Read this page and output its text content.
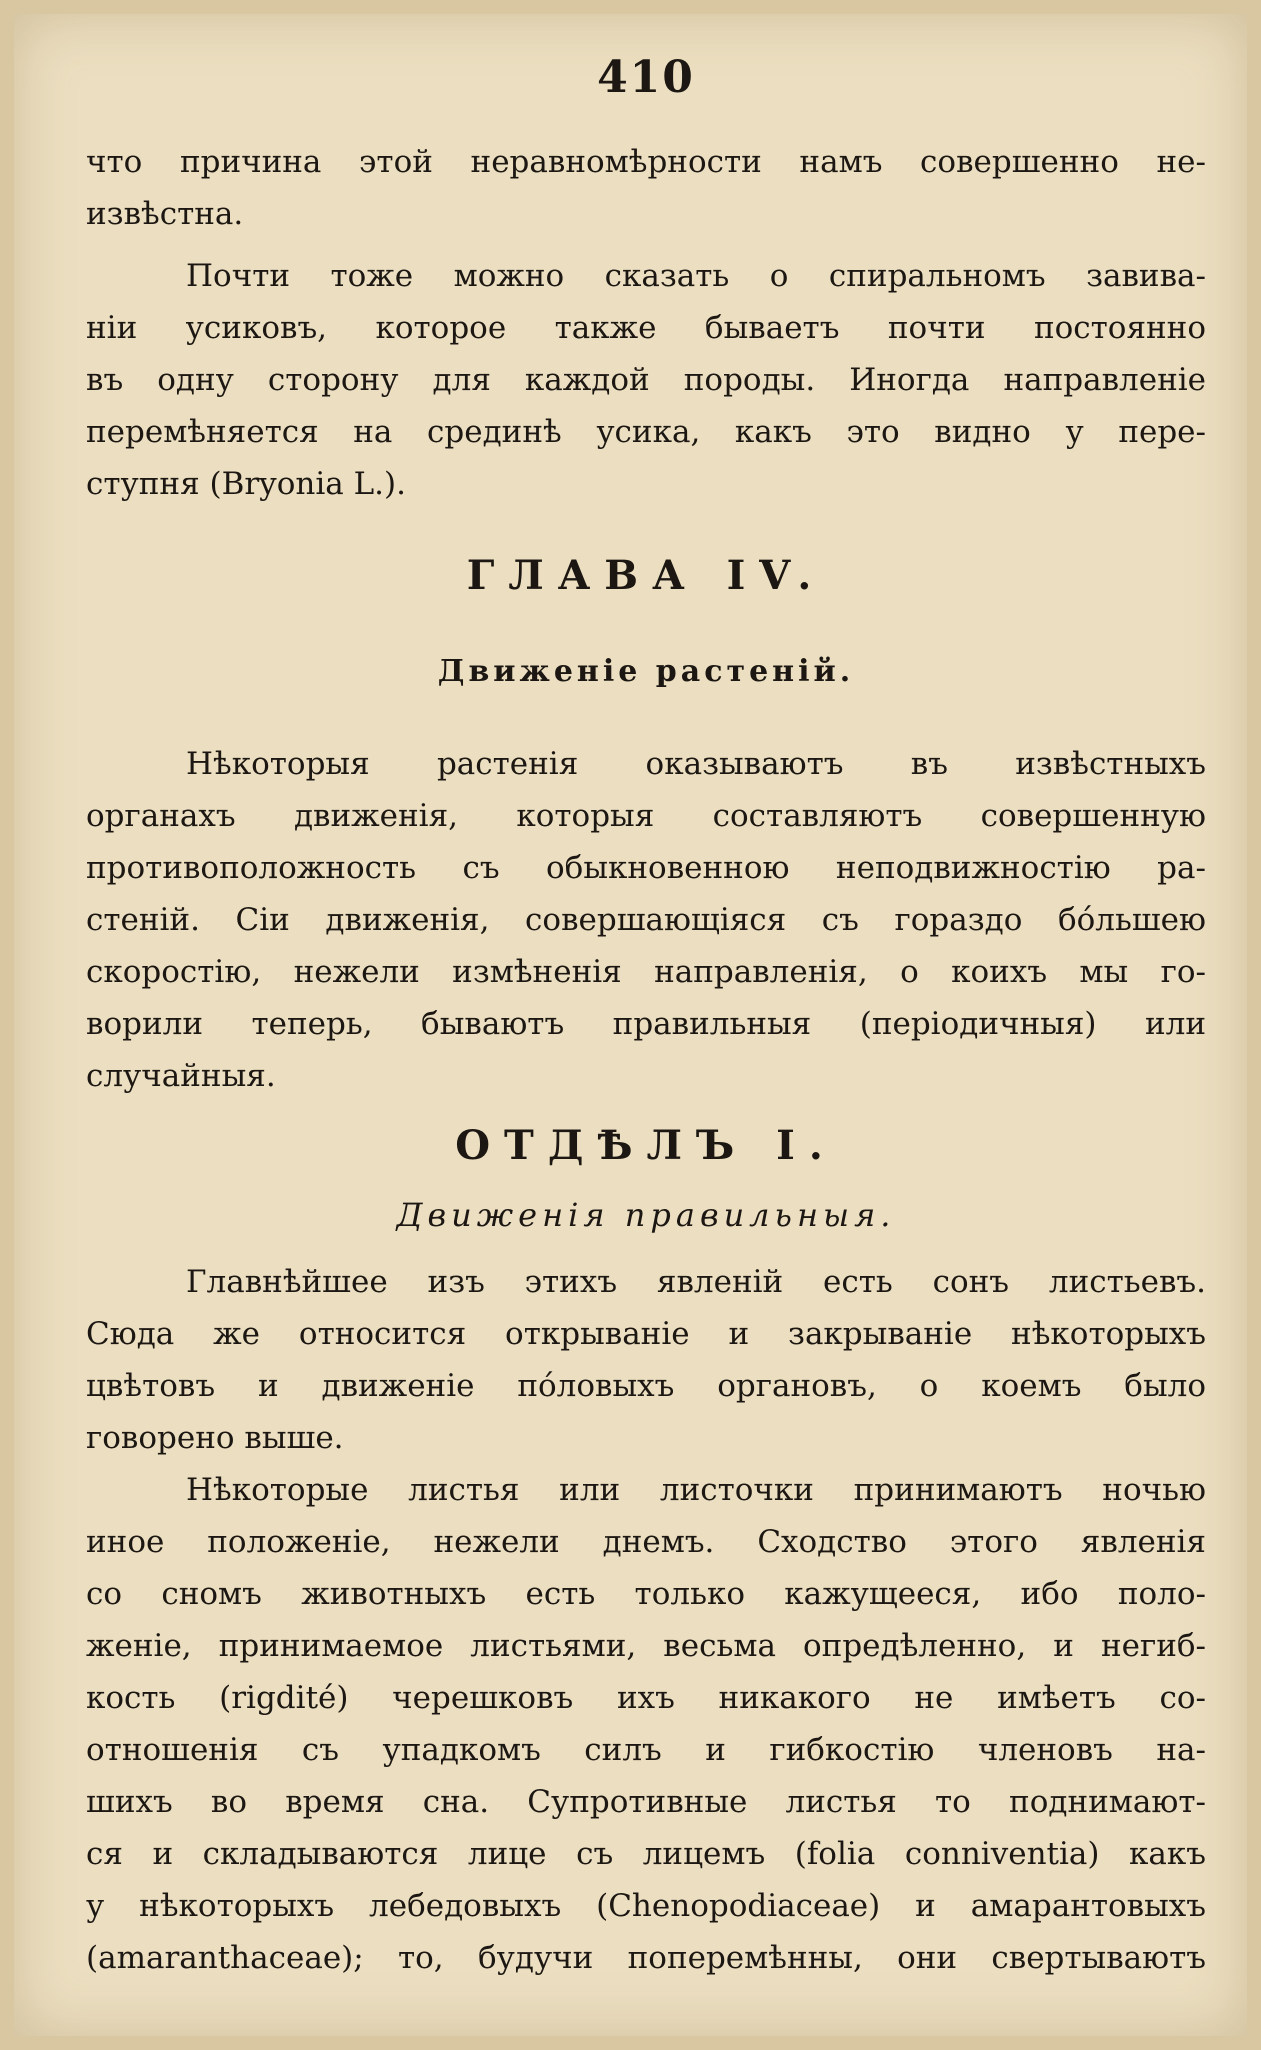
410
что причина этой неравномѣрности намъ совершенно не-
извѣстна.
Почти тоже можно сказать о спиральномъ завива-
нiи усиковъ, которое также бываетъ почти постоянно
въ одну сторону для каждой породы. Иногда направленiе
перемѣняется на срединѣ усика, какъ это видно у пере-
ступня (Bryonia L.).
ГЛАВА IV.
Движенiе растенiй.
Нѣкоторыя растенiя оказываютъ въ извѣстныхъ
органахъ движенiя, которыя составляютъ совершенную
противоположность съ обыкновенною неподвижностiю ра-
стенiй. Сiи движенiя, совершающiяся съ гораздо бóльшею
скоростiю, нежели измѣненiя направленiя, о коихъ мы го-
ворили теперь, бываютъ правильныя (перiодичныя) или
случайныя.
ОТДѢЛЪ I.
Движенiя правильныя.
Главнѣйшее изъ этихъ явленiй есть сонъ листьевъ.
Сюда же относится открыванiе и закрыванiе нѣкоторыхъ
цвѣтовъ и движенiе пóловыхъ органовъ, о коемъ было
говорено выше.
Нѣкоторые листья или листочки принимаютъ ночью
иное положенiе, нежели днемъ. Сходство этого явленiя
со сномъ животныхъ есть только кажущееся, ибо поло-
женiе, принимаемое листьями, весьма опредѣленно, и негиб-
кость (rigdité) черешковъ ихъ никакого не имѣетъ со-
отношенiя съ упадкомъ силъ и гибкостiю членовъ на-
шихъ во время сна. Супротивные листья то поднимают-
ся и складываются лице съ лицемъ (folia conniventia) какъ
у нѣкоторыхъ лебедовыхъ (Chenopodiaceae) и амарантовыхъ
(amaranthaceae); то, будучи поперемѣнны, они свертываютъ
